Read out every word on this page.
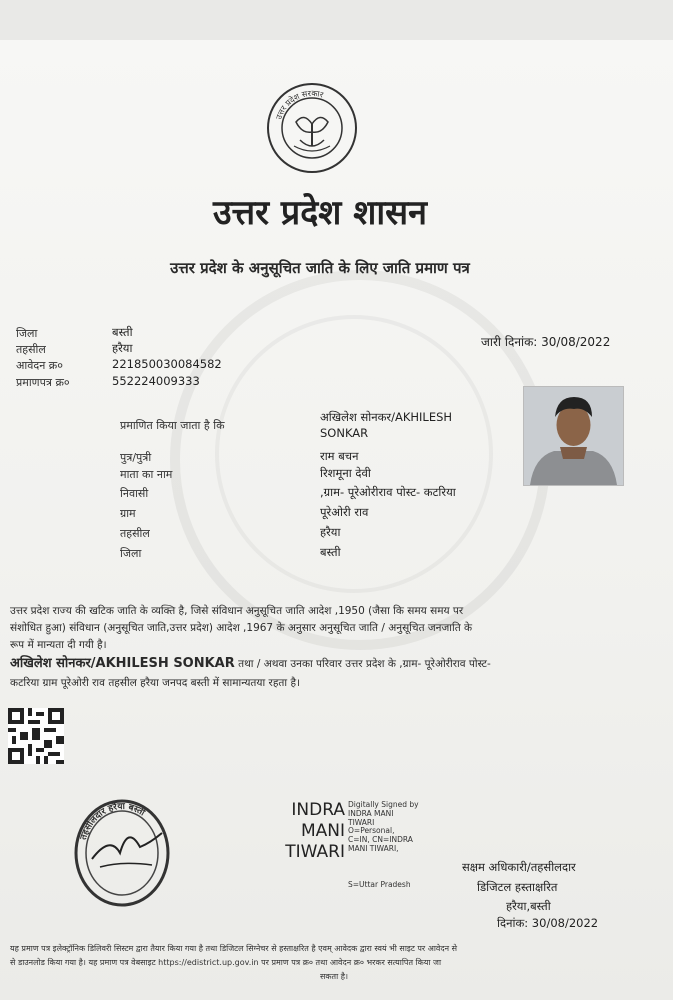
उत्तर प्रदेश सरकार
उत्तर प्रदेश शासन
उत्तर प्रदेश के अनुसूचित जाति के लिए जाति प्रमाण पत्र
जिला	बस्ती
तहसील	हरैया
आवेदन क्र०	221850030084582
प्रमाणपत्र क्र०	552224009333
जारी दिनांक: 30/08/2022
प्रमाणित किया जाता है कि
अखिलेश सोनकर/AKHILESH SONKAR
पुत्र/पुत्री	राम बचन
माता का नाम	रिशमूना देवी
निवासी	,ग्राम- पूरेओरीराव पोस्ट- कटरिया
ग्राम	पूरेओरी राव
तहसील	हरैया
जिला	बस्ती
उत्तर प्रदेश राज्य की खटिक जाति के व्यक्ति है, जिसे संविधान अनुसूचित जाति आदेश ,1950 (जैसा कि समय समय पर
संशोधित हुआ) संविधान (अनुसूचित जाति,उत्तर प्रदेश) आदेश ,1967 के अनुसार अनुसूचित जाति / अनुसूचित जनजाति के
रूप में मान्यता दी गयी है।
अखिलेश सोनकर/AKHILESH SONKAR तथा / अथवा उनका परिवार उत्तर प्रदेश के ,ग्राम- पूरेओरीराव पोस्ट-
कटरिया ग्राम पूरेओरी राव तहसील हरैया जनपद बस्ती में सामान्यतया रहता है।
तहसीलदार हरैया बस्ती	INDRA
MANI
TIWARI
Digitally Signed by
INDRA MANI
TIWARI
O=Personal,
C=IN, CN=INDRA
MANI TIWARI,
S=Uttar Pradesh
सक्षम अधिकारी/तहसीलदार
डिजिटल हस्ताक्षरित
हरैया,बस्ती
दिनांक: 30/08/2022
यह प्रमाण पत्र इलेक्ट्रॉनिक डिलिवरी सिस्टम द्वारा तैयार किया गया है तथा डिजिटल सिग्नेचर से हस्ताक्षरित है एवम् आवेदक द्वारा स्वयं भी साइट पर आवेदन से
से डाउनलोड किया गया है। यह प्रमाण पत्र वेबसाइट https://edistrict.up.gov.in पर प्रमाण पत्र क्र० तथा आवेदन क्र० भरकर सत्यापित किया जा
सकता है।
